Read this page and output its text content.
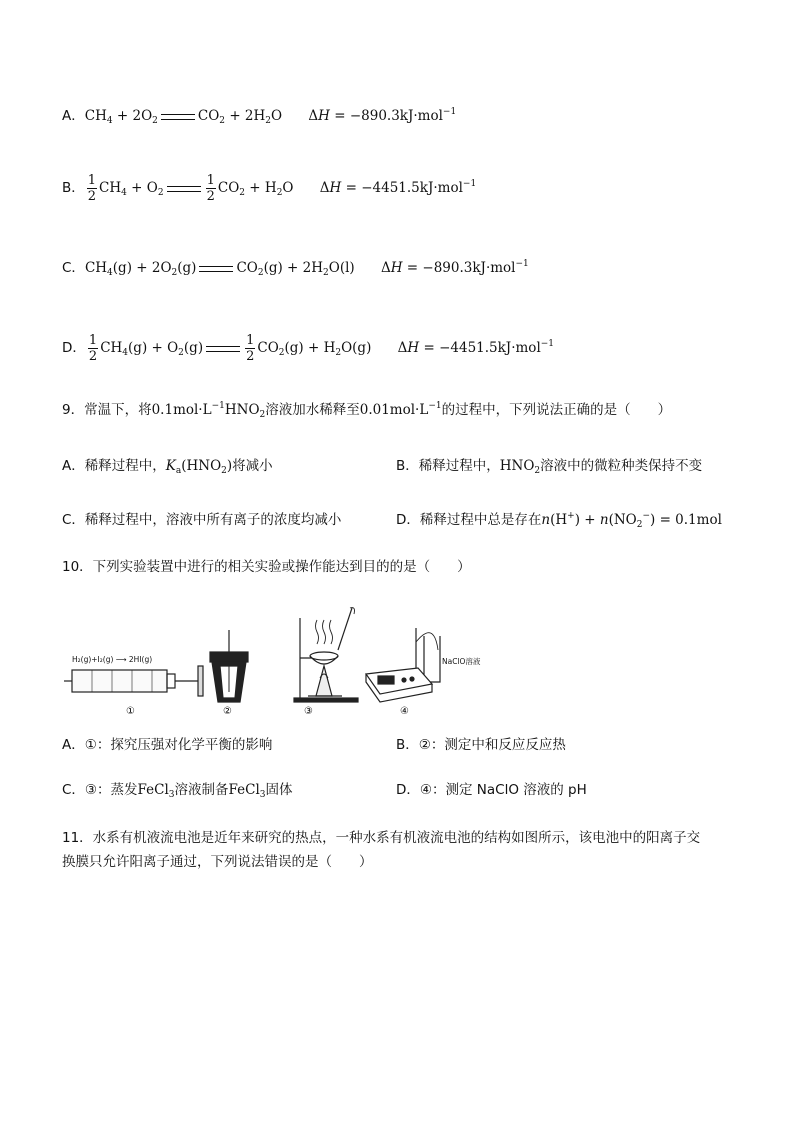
A．$CH_4 + 2O_2$	$CO_2 + 2H_2O$ ΔH = −890.3kJ·mol$^{-1}$
B． $\frac{1}{2} CH_4 + O_2$	$\frac{1}{2} CO_2 + H_2O$ ΔH = −4451.5kJ·mol$^{-1}$
C．$CH_4(g) + 2O_2(g)$	$CO_2(g) + 2H_2O(l) \Delta H = -890.3kJ\cdot mol^{-1}$
D． $\frac{1}{2} CH_4(g) + O_2(g)$	$\frac{1}{2} CO_2(g) + H_2O(g) \Delta H = -4451.5kJ\cdot mol^{-1}$
9．常温下，将$0.1mol\cdot L^{-1}HNO_2$溶液加水稀释至$0.01mol\cdot L^{-1}$的过程中，下列说法正确的是（　　）
A．稀释过程中，$K_a(HNO_2)$将减小	B．稀释过程中，$HNO_2$溶液中的微粒种类保持不变
C．稀释过程中，溶液中所有离子的浓度均减小	D．稀释过程中总是存在$n(H^+) + n(NO_2^-) = 0.1mol$
10．下列实验装置中进行的相关实验或操作能达到目的的是（　　）
H₂(g)+I₂(g) ⟶ 2HI(g)
①	②	③
NaClO溶液
④
A．①：探究压强对化学平衡的影响	B．②：测定中和反应反应热
C．③：蒸发FeCl$_3$溶液制备FeCl$_3$固体	D．④：测定 NaClO 溶液的 pH
11．水系有机液流电池是近年来研究的热点，一种水系有机液流电池的结构如图所示，该电池中的阳离子交
换膜只允许阳离子通过，下列说法错误的是（　　）
